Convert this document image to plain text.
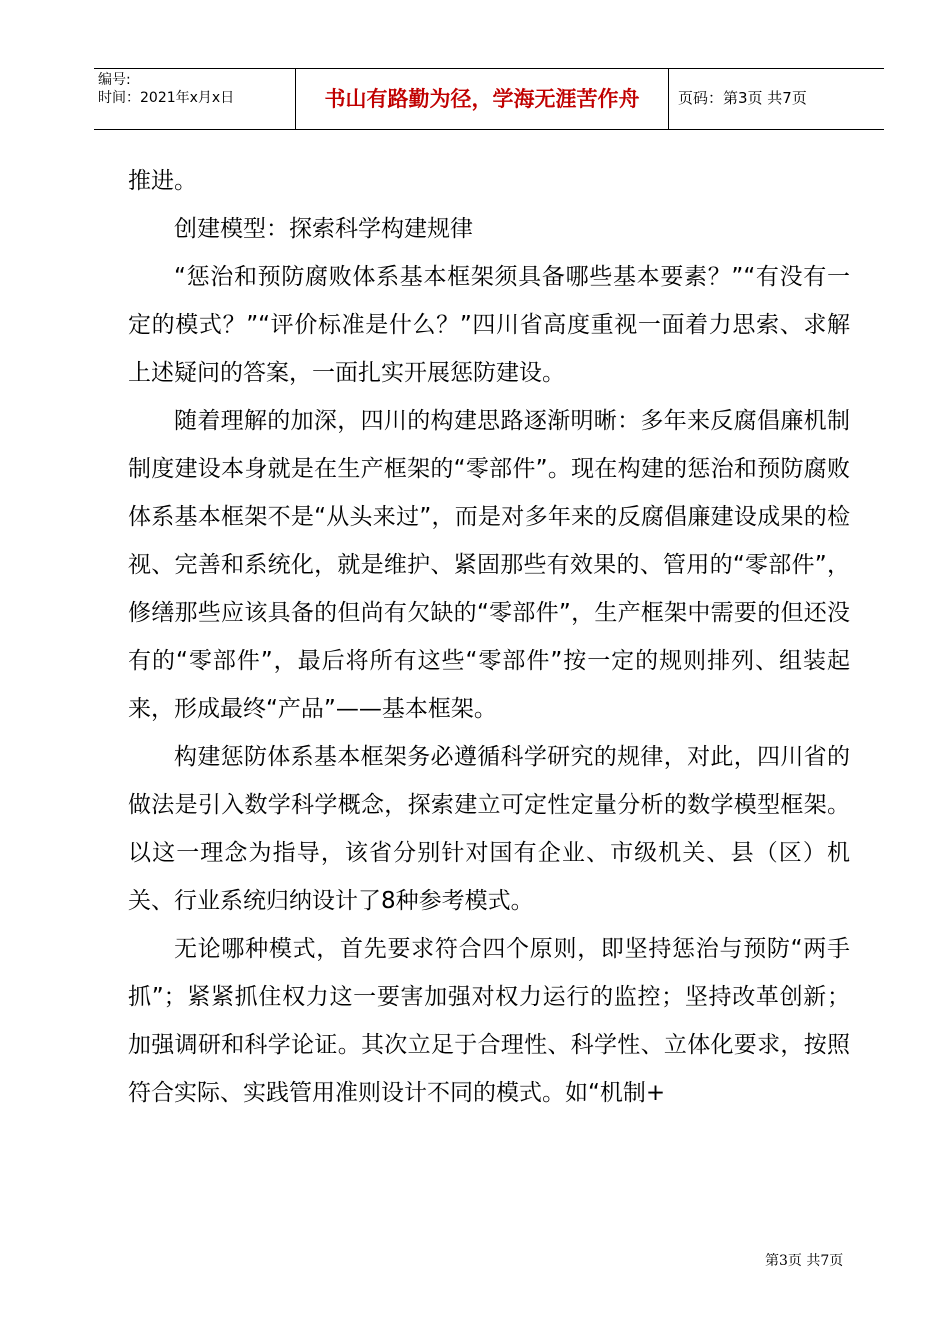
编号:
时间：2021年x月x日	书山有路勤为径，学海无涯苦作舟	页码：第3页 共7页

推进。

创建模型：探索科学构建规律

“惩治和预防腐败体系基本框架须具备哪些基本要素？”“有没有一定的模式？”“评价标准是什么？”四川省高度重视一面着力思索、求解上述疑问的答案，一面扎实开展惩防建设。

随着理解的加深，四川的构建思路逐渐明晰：多年来反腐倡廉机制制度建设本身就是在生产框架的“零部件”。现在构建的惩治和预防腐败体系基本框架不是“从头来过”，而是对多年来的反腐倡廉建设成果的检视、完善和系统化，就是维护、紧固那些有效果的、管用的“零部件”，修缮那些应该具备的但尚有欠缺的“零部件”，生产框架中需要的但还没有的“零部件”，最后将所有这些“零部件”按一定的规则排列、组装起来，形成最终“产品”——基本框架。

构建惩防体系基本框架务必遵循科学研究的规律，对此，四川省的做法是引入数学科学概念，探索建立可定性定量分析的数学模型框架。以这一理念为指导，该省分别针对国有企业、市级机关、县（区）机关、行业系统归纳设计了8种参考模式。

无论哪种模式，首先要求符合四个原则，即坚持惩治与预防“两手抓”；紧紧抓住权力这一要害加强对权力运行的监控；坚持改革创新；加强调研和科学论证。其次立足于合理性、科学性、立体化要求，按照符合实际、实践管用准则设计不同的模式。如“机制+

第3页 共7页
